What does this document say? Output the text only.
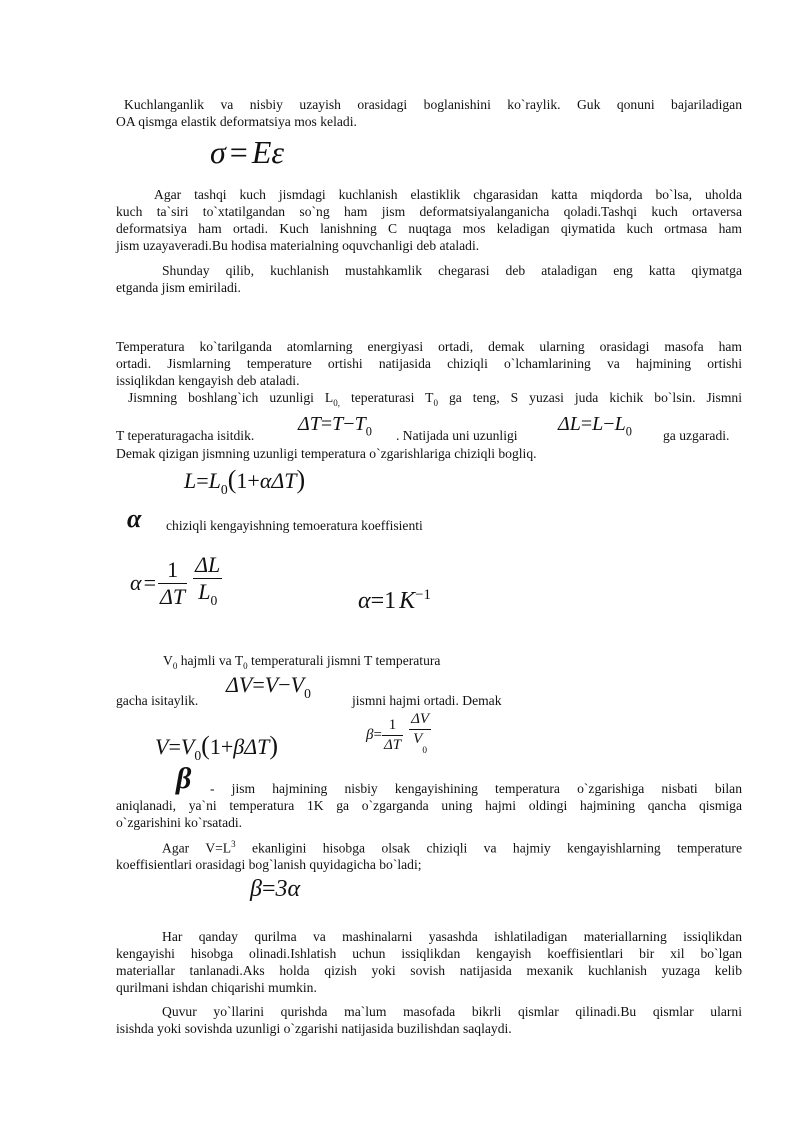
Kuchlanganlik va nisbiy uzayish orasidagi boglanishini ko`raylik. Guk qonuni bajariladigan
OA qismga elastik deformatsiya mos keladi.
σ = Eε
Agar tashqi kuch jismdagi kuchlanish elastiklik chgarasidan katta miqdorda bo`lsa, uholda
kuch ta`siri to`xtatilgandan so`ng ham jism deformatsiyalanganicha qoladi.Tashqi kuch ortaversa
deformatsiya ham ortadi. Kuch lanishning C nuqtaga mos keladigan qiymatida kuch ortmasa ham
jism uzayaveradi.Bu hodisa materialning oquvchanligi deb ataladi.
Shunday qilib, kuchlanish mustahkamlik chegarasi deb ataladigan eng katta qiymatga
etganda jism emiriladi.
Temperatura ko`tarilganda atomlarning energiyasi ortadi, demak ularning orasidagi masofa ham
ortadi. Jismlarning temperature ortishi natijasida chiziqli o`lchamlarining va hajmining ortishi
issiqlikdan kengayish deb ataladi.
Jismning boshlang`ich uzunligi $L_{0,}$ teperaturasi $T_0$ ga teng, S yuzasi juda kichik bo`lsin. Jismni
T teperaturagacha isitdik.
$\Delta T=T-T_0$ . Natijada uni uzunligi
$\Delta L=L-L_0$ ga uzgaradi.
Demak qizigan jismning uzunligi temperatura o`zgarishlariga chiziqli bogliq.
$L=L_0(1+\alpha\Delta T)$
α chiziqli kengayishning temoeratura koeffisienti
$\alpha= \frac{1}{\Delta T} \frac{\Delta L}{L_0}$	α=1 $K^{-1}$
$V_0$ hajmli va $T_0$ temperaturali jismni T temperatura
gacha isitaylik.
$\Delta V=V-V_0$	jismni hajmi ortadi. Demak
$V=V_0(1+\beta\Delta T)$	$\beta= \frac{1}{\Delta T} \frac{\Delta V}{V_0}$
β	- jism hajmining nisbiy kengayishining temperatura o`zgarishiga nisbati bilan
aniqlanadi, ya`ni temperatura 1K ga o`zgarganda uning hajmi oldingi hajmining qancha qismiga
o`zgarishini ko`rsatadi.
Agar $V=L^3$ ekanligini hisobga olsak chiziqli va hajmiy kengayishlarning temperature
koeffisientlari orasidagi bog`lanish quyidagicha bo`ladi;
β=3α
Har qanday qurilma va mashinalarni yasashda ishlatiladigan materiallarning issiqlikdan
kengayishi hisobga olinadi.Ishlatish uchun issiqlikdan kengayish koeffisientlari bir xil bo`lgan
materiallar tanlanadi.Aks holda qizish yoki sovish natijasida mexanik kuchlanish yuzaga kelib
qurilmani ishdan chiqarishi mumkin.
Quvur yo`llarini qurishda ma`lum masofada bikrli qismlar qilinadi.Bu qismlar ularni
isishda yoki sovishda uzunligi o`zgarishi natijasida buzilishdan saqlaydi.
